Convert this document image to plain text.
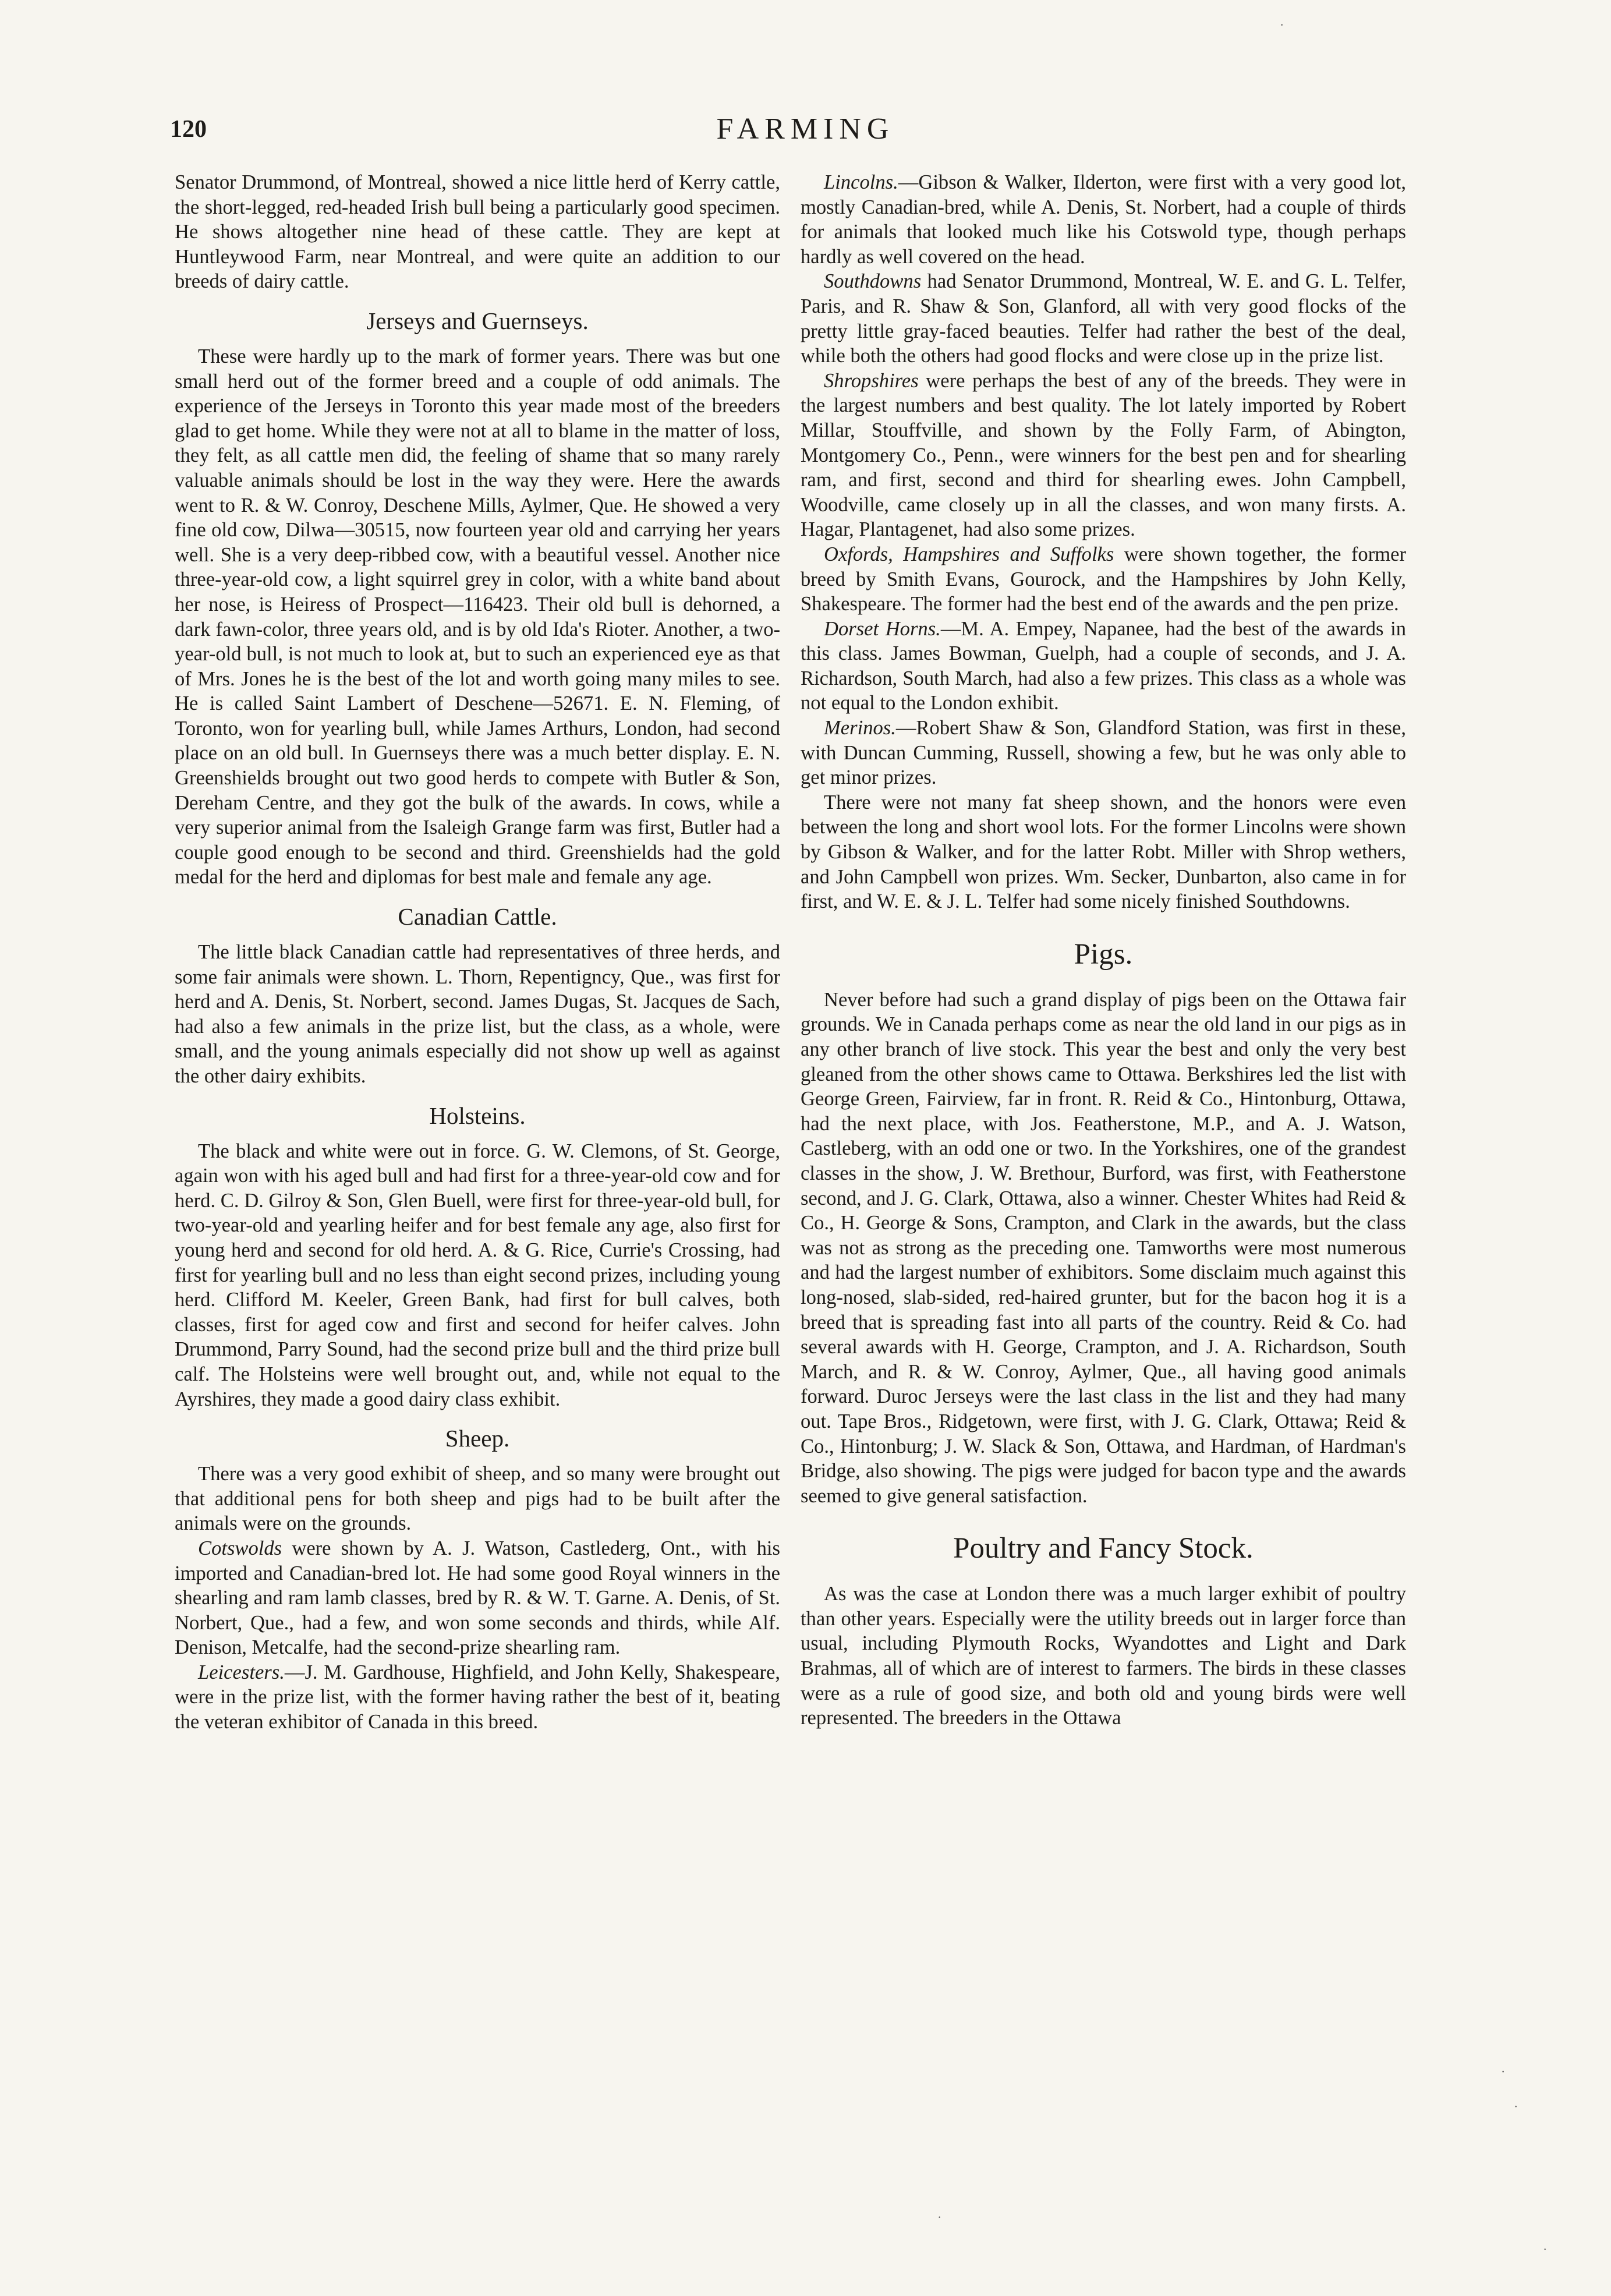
120	FARMING

Senator Drummond, of Montreal, showed a nice little herd of Kerry cattle, the short-legged, red-headed Irish bull being a particularly good specimen. He shows altogether nine head of these cattle. They are kept at Huntleywood Farm, near Montreal, and were quite an addition to our breeds of dairy cattle.

Jerseys and Guernseys.

These were hardly up to the mark of former years. There was but one small herd out of the former breed and a couple of odd animals. The experience of the Jerseys in Toronto this year made most of the breeders glad to get home. While they were not at all to blame in the matter of loss, they felt, as all cattle men did, the feeling of shame that so many rarely valuable animals should be lost in the way they were. Here the awards went to R. & W. Conroy, Deschene Mills, Aylmer, Que. He showed a very fine old cow, Dilwa—30515, now fourteen year old and carrying her years well. She is a very deep-ribbed cow, with a beautiful vessel. Another nice three-year-old cow, a light squirrel grey in color, with a white band about her nose, is Heiress of Prospect—116423. Their old bull is dehorned, a dark fawn-color, three years old, and is by old Ida's Rioter. Another, a two-year-old bull, is not much to look at, but to such an experienced eye as that of Mrs. Jones he is the best of the lot and worth going many miles to see. He is called Saint Lambert of Deschene—52671. E. N. Fleming, of Toronto, won for yearling bull, while James Arthurs, London, had second place on an old bull. In Guernseys there was a much better display. E. N. Greenshields brought out two good herds to compete with Butler & Son, Dereham Centre, and they got the bulk of the awards. In cows, while a very superior animal from the Isaleigh Grange farm was first, Butler had a couple good enough to be second and third. Greenshields had the gold medal for the herd and diplomas for best male and female any age.

Canadian Cattle.

The little black Canadian cattle had representatives of three herds, and some fair animals were shown. L. Thorn, Repentigncy, Que., was first for herd and A. Denis, St. Norbert, second. James Dugas, St. Jacques de Sach, had also a few animals in the prize list, but the class, as a whole, were small, and the young animals especially did not show up well as against the other dairy exhibits.

Holsteins.

The black and white were out in force. G. W. Clemons, of St. George, again won with his aged bull and had first for a three-year-old cow and for herd. C. D. Gilroy & Son, Glen Buell, were first for three-year-old bull, for two-year-old and yearling heifer and for best female any age, also first for young herd and second for old herd. A. & G. Rice, Currie's Crossing, had first for yearling bull and no less than eight second prizes, including young herd. Clifford M. Keeler, Green Bank, had first for bull calves, both classes, first for aged cow and first and second for heifer calves. John Drummond, Parry Sound, had the second prize bull and the third prize bull calf. The Holsteins were well brought out, and, while not equal to the Ayrshires, they made a good dairy class exhibit.

Sheep.

There was a very good exhibit of sheep, and so many were brought out that additional pens for both sheep and pigs had to be built after the animals were on the grounds.

Cotswolds were shown by A. J. Watson, Castlederg, Ont., with his imported and Canadian-bred lot. He had some good Royal winners in the shearling and ram lamb classes, bred by R. & W. T. Garne. A. Denis, of St. Norbert, Que., had a few, and won some seconds and thirds, while Alf. Denison, Metcalfe, had the second-prize shearling ram.

Leicesters.—J. M. Gardhouse, Highfield, and John Kelly, Shakespeare, were in the prize list, with the former having rather the best of it, beating the veteran exhibitor of Canada in this breed.

Lincolns.—Gibson & Walker, Ilderton, were first with a very good lot, mostly Canadian-bred, while A. Denis, St. Norbert, had a couple of thirds for animals that looked much like his Cotswold type, though perhaps hardly as well covered on the head.

Southdowns had Senator Drummond, Montreal, W. E. and G. L. Telfer, Paris, and R. Shaw & Son, Glanford, all with very good flocks of the pretty little gray-faced beauties. Telfer had rather the best of the deal, while both the others had good flocks and were close up in the prize list.

Shropshires were perhaps the best of any of the breeds. They were in the largest numbers and best quality. The lot lately imported by Robert Millar, Stouffville, and shown by the Folly Farm, of Abington, Montgomery Co., Penn., were winners for the best pen and for shearling ram, and first, second and third for shearling ewes. John Campbell, Woodville, came closely up in all the classes, and won many firsts. A. Hagar, Plantagenet, had also some prizes.

Oxfords, Hampshires and Suffolks were shown together, the former breed by Smith Evans, Gourock, and the Hampshires by John Kelly, Shakespeare. The former had the best end of the awards and the pen prize.

Dorset Horns.—M. A. Empey, Napanee, had the best of the awards in this class. James Bowman, Guelph, had a couple of seconds, and J. A. Richardson, South March, had also a few prizes. This class as a whole was not equal to the London exhibit.

Merinos.—Robert Shaw & Son, Glandford Station, was first in these, with Duncan Cumming, Russell, showing a few, but he was only able to get minor prizes.

There were not many fat sheep shown, and the honors were even between the long and short wool lots. For the former Lincolns were shown by Gibson & Walker, and for the latter Robt. Miller with Shrop wethers, and John Campbell won prizes. Wm. Secker, Dunbarton, also came in for first, and W. E. & J. L. Telfer had some nicely finished Southdowns.

Pigs.

Never before had such a grand display of pigs been on the Ottawa fair grounds. We in Canada perhaps come as near the old land in our pigs as in any other branch of live stock. This year the best and only the very best gleaned from the other shows came to Ottawa. Berkshires led the list with George Green, Fairview, far in front. R. Reid & Co., Hintonburg, Ottawa, had the next place, with Jos. Featherstone, M.P., and A. J. Watson, Castleberg, with an odd one or two. In the Yorkshires, one of the grandest classes in the show, J. W. Brethour, Burford, was first, with Featherstone second, and J. G. Clark, Ottawa, also a winner. Chester Whites had Reid & Co., H. George & Sons, Crampton, and Clark in the awards, but the class was not as strong as the preceding one. Tamworths were most numerous and had the largest number of exhibitors. Some disclaim much against this long-nosed, slab-sided, red-haired grunter, but for the bacon hog it is a breed that is spreading fast into all parts of the country. Reid & Co. had several awards with H. George, Crampton, and J. A. Richardson, South March, and R. & W. Conroy, Aylmer, Que., all having good animals forward. Duroc Jerseys were the last class in the list and they had many out. Tape Bros., Ridgetown, were first, with J. G. Clark, Ottawa; Reid & Co., Hintonburg; J. W. Slack & Son, Ottawa, and Hardman, of Hardman's Bridge, also showing. The pigs were judged for bacon type and the awards seemed to give general satisfaction.

Poultry and Fancy Stock.

As was the case at London there was a much larger exhibit of poultry than other years. Especially were the utility breeds out in larger force than usual, including Plymouth Rocks, Wyandottes and Light and Dark Brahmas, all of which are of interest to farmers. The birds in these classes were as a rule of good size, and both old and young birds were well represented. The breeders in the Ottawa

·
·
·
·
·
